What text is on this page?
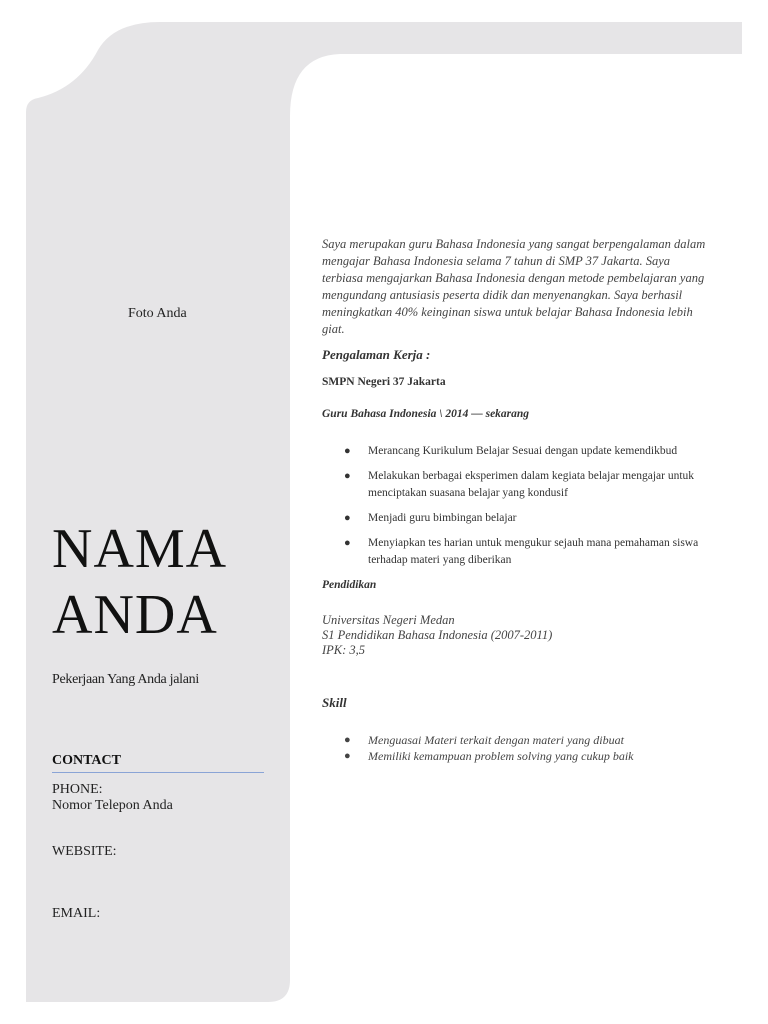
Foto Anda
NAMA
ANDA
Pekerjaan Yang Anda jalani
CONTACT
PHONE:
Nomor Telepon Anda
WEBSITE:
EMAIL:
Saya merupakan guru Bahasa Indonesia yang sangat berpengalaman dalam mengajar Bahasa Indonesia selama 7 tahun di SMP 37 Jakarta. Saya terbiasa mengajarkan Bahasa Indonesia dengan metode pembelajaran yang mengundang antusiasis peserta didik dan menyenangkan. Saya berhasil meningkatkan 40% keinginan siswa untuk belajar Bahasa Indonesia lebih giat.
Pengalaman Kerja :
SMPN Negeri 37 Jakarta
Guru Bahasa Indonesia \ 2014 — sekarang
● Merancang Kurikulum Belajar Sesuai dengan update kemendikbud
● Melakukan berbagai eksperimen dalam kegiata belajar mengajar untuk menciptakan suasana belajar yang kondusif
● Menjadi guru bimbingan belajar
● Menyiapkan tes harian untuk mengukur sejauh mana pemahaman siswa terhadap materi yang diberikan
Pendidikan
Universitas Negeri Medan
S1 Pendidikan Bahasa Indonesia (2007-2011)
IPK: 3,5
Skill
● Menguasai Materi terkait dengan materi yang dibuat
● Memiliki kemampuan problem solving yang cukup baik
